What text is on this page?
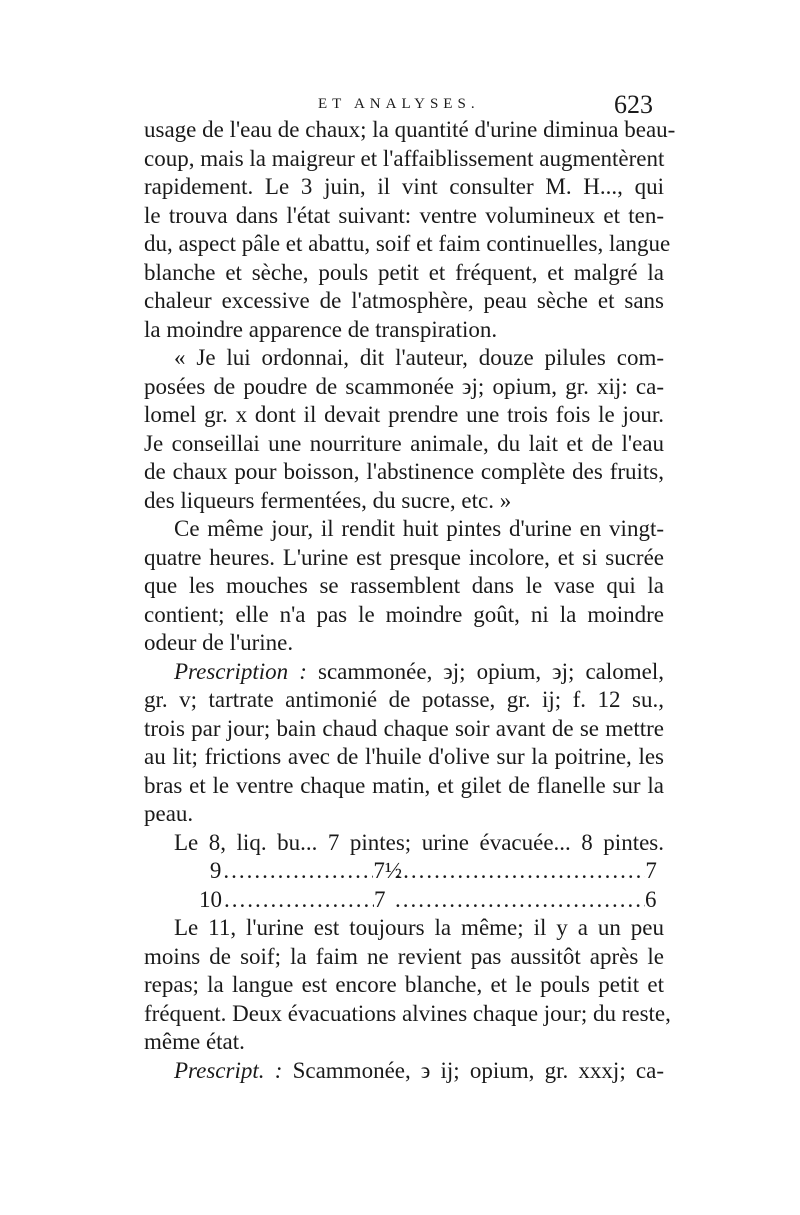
ET ANALYSES.	623
usage de l'eau de chaux; la quantité d'urine diminua beau-
coup, mais la maigreur et l'affaiblissement augmentèrent
rapidement. Le 3 juin, il vint consulter M. H..., qui
le trouva dans l'état suivant: ventre volumineux et ten-
du, aspect pâle et abattu, soif et faim continuelles, langue
blanche et sèche, pouls petit et fréquent, et malgré la
chaleur excessive de l'atmosphère, peau sèche et sans
la moindre apparence de transpiration.
« Je lui ordonnai, dit l'auteur, douze pilules com-
posées de poudre de scammonée ϶j; opium, gr. xij: ca-
lomel gr. x dont il devait prendre une trois fois le jour.
Je conseillai une nourriture animale, du lait et de l'eau
de chaux pour boisson, l'abstinence complète des fruits,
des liqueurs fermentées, du sucre, etc. »
Ce même jour, il rendit huit pintes d'urine en vingt-
quatre heures. L'urine est presque incolore, et si sucrée
que les mouches se rassemblent dans le vase qui la
contient; elle n'a pas le moindre goût, ni la moindre
odeur de l'urine.
Prescription : scammonée, ϶j; opium, ϶j; calomel,
gr. v; tartrate antimonié de potasse, gr. ij; f. 12 su.,
trois par jour; bain chaud chaque soir avant de se mettre
au lit; frictions avec de l'huile d'olive sur la poitrine, les
bras et le ventre chaque matin, et gilet de flanelle sur la
peau.
Le 8, liq. bu... 7 pintes; urine évacuée... 8 pintes.
9 .....	7½ .....	7
10 .....	7 .....	6
Le 11, l'urine est toujours la même; il y a un peu
moins de soif; la faim ne revient pas aussitôt après le
repas; la langue est encore blanche, et le pouls petit et
fréquent. Deux évacuations alvines chaque jour; du reste,
même état.
Prescript. : Scammonée, ϶ ij; opium, gr. xxxj; ca-
